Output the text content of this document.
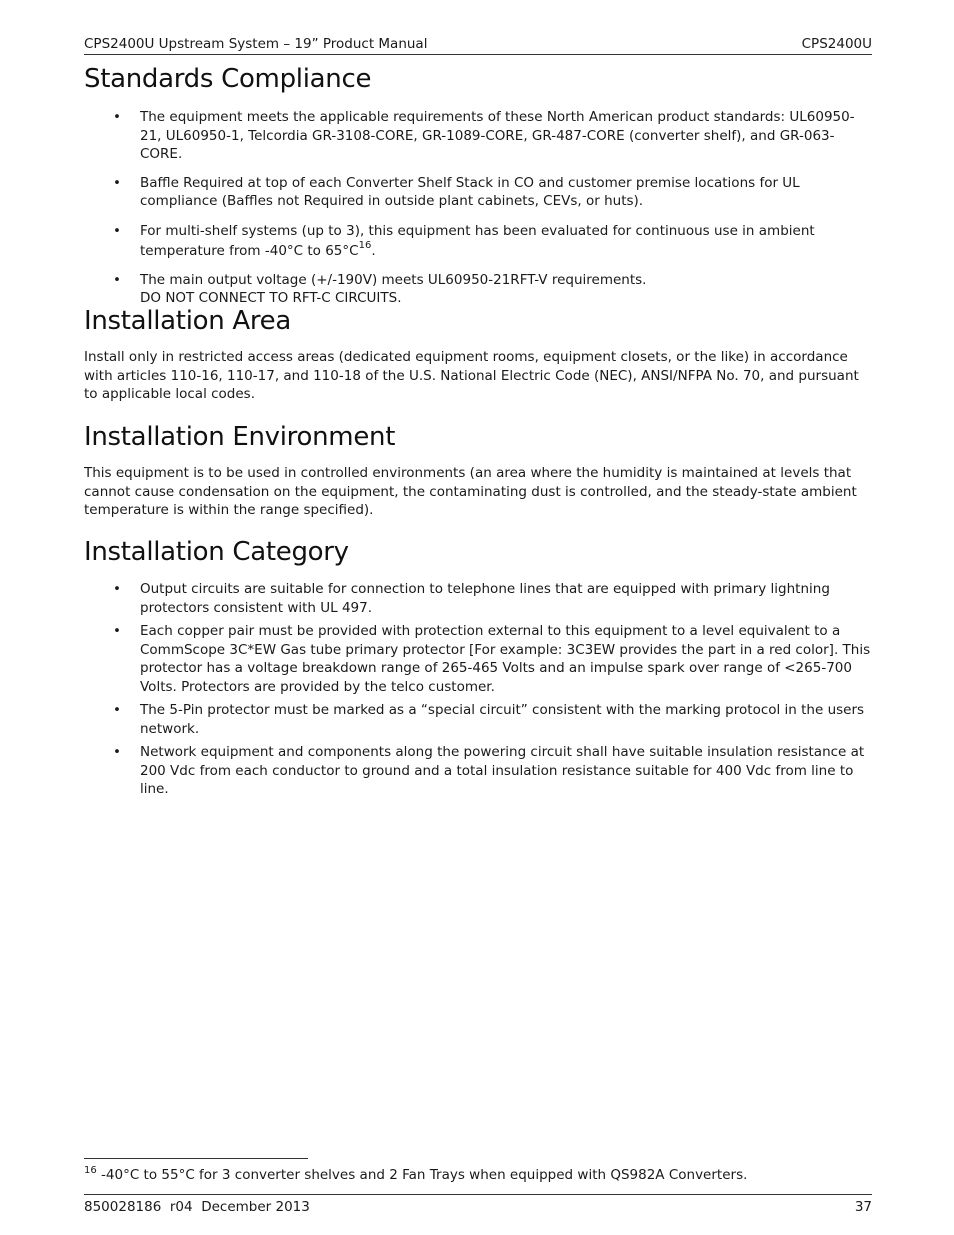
CPS2400U Upstream System – 19” Product Manual	CPS2400U
Standards Compliance
• The equipment meets the applicable requirements of these North American product standards: UL60950-21, UL60950-1, Telcordia GR-3108-CORE, GR-1089-CORE, GR-487-CORE (converter shelf), and GR-063-CORE.
• Baffle Required at top of each Converter Shelf Stack in CO and customer premise locations for UL compliance (Baffles not Required in outside plant cabinets, CEVs, or huts).
• For multi-shelf systems (up to 3), this equipment has been evaluated for continuous use in ambient temperature from -40°C to $65^\circ C^{16}$.
• The main output voltage (+/-190V) meets UL60950-21RFT-V requirements.
DO NOT CONNECT TO RFT-C CIRCUITS.
Installation Area

Install only in restricted access areas (dedicated equipment rooms, equipment closets, or the like) in accordance with articles 110-16, 110-17, and 110-18 of the U.S. National Electric Code (NEC), ANSI/NFPA No. 70, and pursuant to applicable local codes.

Installation Environment

This equipment is to be used in controlled environments (an area where the humidity is maintained at levels that cannot cause condensation on the equipment, the contaminating dust is controlled, and the steady-state ambient temperature is within the range specified).

Installation Category
• Output circuits are suitable for connection to telephone lines that are equipped with primary lightning protectors consistent with UL 497.
• Each copper pair must be provided with protection external to this equipment to a level equivalent to a CommScope 3C*EW Gas tube primary protector [For example: 3C3EW provides the part in a red color]. This protector has a voltage breakdown range of 265-465 Volts and an impulse spark over range of <265-700 Volts. Protectors are provided by the telco customer.
• The 5-Pin protector must be marked as a “special circuit” consistent with the marking protocol in the users network.
• Network equipment and components along the powering circuit shall have suitable insulation resistance at 200 Vdc from each conductor to ground and a total insulation resistance suitable for 400 Vdc from line to line.
$^{16}$ -40°C to 55°C for 3 converter shelves and 2 Fan Trays when equipped with QS982A Converters.
850028186  r04  December 2013	37
